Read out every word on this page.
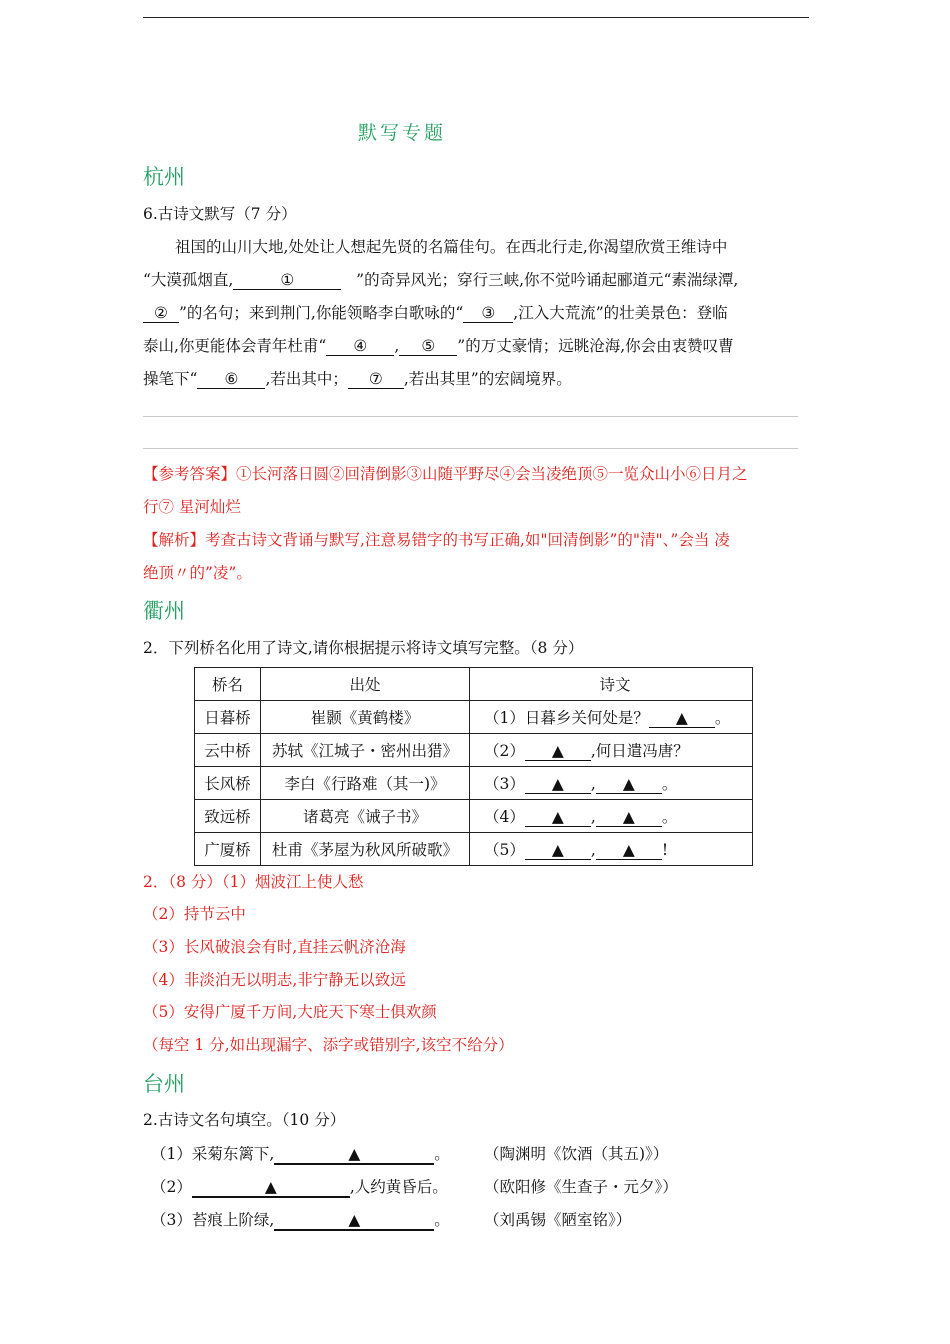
默写专题
杭州
6.古诗文默写（7 分）
祖国的山川大地,处处让人想起先贤的名篇佳句。在西北行走,你渴望欣赏王维诗中
“大漠孤烟直,	①	”的奇异风光；穿行三峡,你不觉吟诵起郦道元“素湍绿潭,
② ”的名句；来到荆门,你能领略李白歌咏的“ ③ ,江入大荒流”的壮美景色：登临
泰山,你更能体会青年杜甫“ ④ , ⑤ ”的万丈豪情；远眺沧海,你会由衷赞叹曹
操笔下“ ⑥ ,若出其中； ⑦ ,若出其里”的宏阔境界。
【参考答案】①长河落日圆②回清倒影③山随平野尽④会当凌绝顶⑤一览众山小⑥日月之
行⑦ 星河灿烂
【解析】考查古诗文背诵与默写,注意易错字的书写正确,如"回清倒影”的"清"、”会当 凌
绝顶〃的”凌”。
衢州
2．下列桥名化用了诗文,请你根据提示将诗文填写完整。（8 分）
桥名	出处	诗文
日暮桥	崔颢《黄鹤楼》	（1）日暮乡关何处是？ ▲ 。
云中桥	苏轼《江城子・密州出猎》	（2） ▲ ,何日遣冯唐？
长风桥	李白《行路难（其一)》	（3） ▲ , ▲ 。
致远桥	诸葛亮《诫子书》	（4） ▲ , ▲ 。
广厦桥	杜甫《茅屋为秋风所破歌》	（5） ▲ , ▲ !
2．（8 分）（1）烟波江上使人愁
（2）持节云中
（3）长风破浪会有时,直挂云帆济沧海
（4）非淡泊无以明志,非宁静无以致远
（5）安得广厦千万间,大庇天下寒士俱欢颜
（每空 1 分,如出现漏字、添字或错别字,该空不给分）
台州
2.古诗文名句填空。（10 分）
（1）采菊东篱下,	▲	。 （陶渊明《饮酒（其五)》）
（2）	▲	,人约黄昏后。 （欧阳修《生查子・元夕》）
（3）苔痕上阶绿,	▲	。 （刘禹锡《陋室铭》）
